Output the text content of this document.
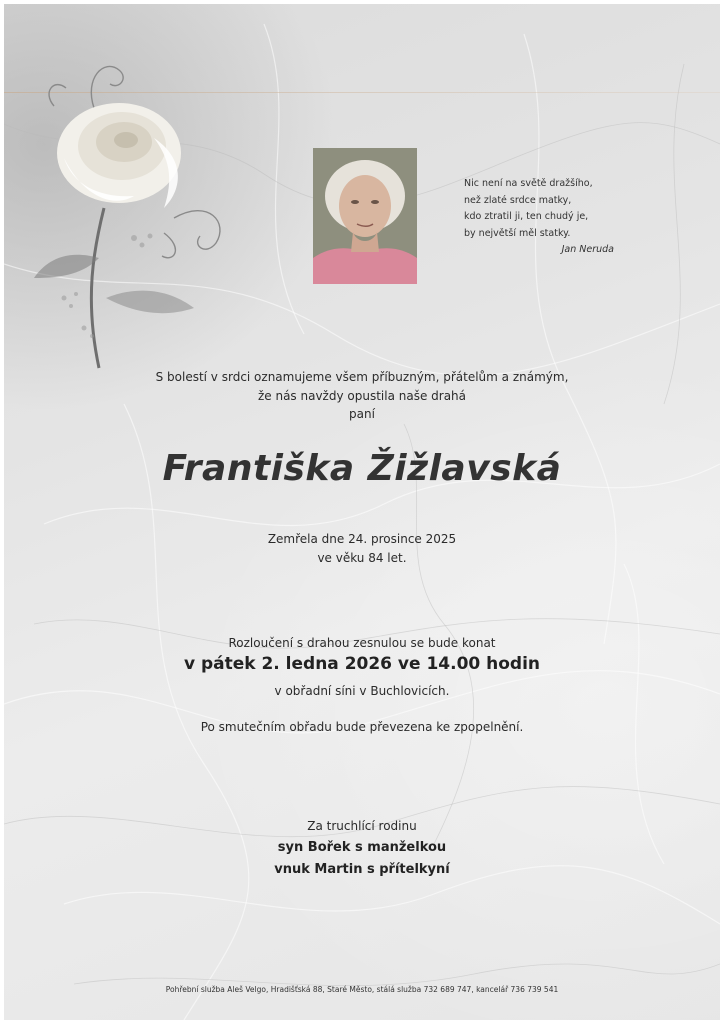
Nic není na světě dražšího,
než zlaté srdce matky,
kdo ztratil ji, ten chudý je,
by největší měl statky.
Jan Neruda
S bolestí v srdci oznamujeme všem příbuzným, přátelům a známým,
že nás navždy opustila naše drahá
paní
Františka Žižlavská
Zemřela dne 24. prosince 2025
ve věku 84 let.
Rozloučení s drahou zesnulou se bude konat
v pátek 2. ledna 2026 ve 14.00 hodin
v obřadní síni v Buchlovicích.
Po smutečním obřadu bude převezena ke zpopelnění.
Za truchlící rodinu
syn Bořek s manželkou
vnuk Martin s přítelkyní
Pohřební služba Aleš Velgo, Hradišťská 88, Staré Město, stálá služba 732 689 747, kancelář 736 739 541
